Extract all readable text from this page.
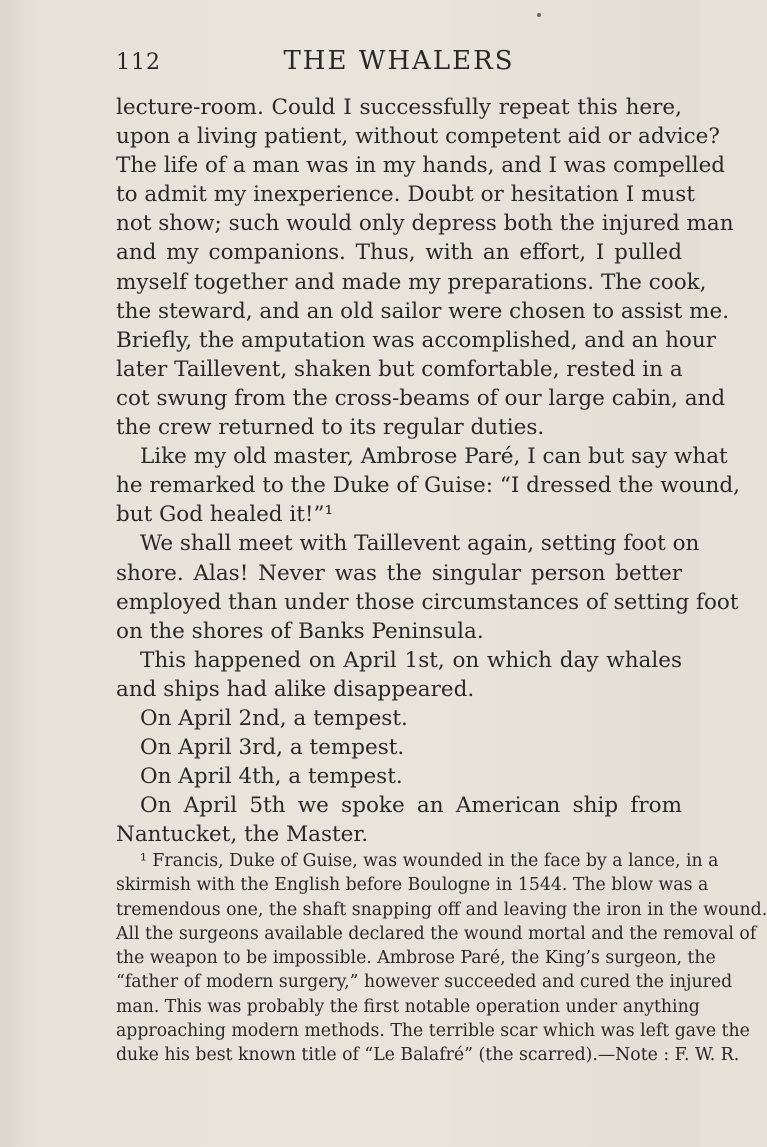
112	THE WHALERS
lecture-room. Could I successfully repeat this here,
upon a living patient, without competent aid or advice?
The life of a man was in my hands, and I was compelled
to admit my inexperience. Doubt or hesitation I must
not show; such would only depress both the injured man
and my companions. Thus, with an effort, I pulled
myself together and made my preparations. The cook,
the steward, and an old sailor were chosen to assist me.
Briefly, the amputation was accomplished, and an hour
later Taillevent, shaken but comfortable, rested in a
cot swung from the cross-beams of our large cabin, and
the crew returned to its regular duties.
Like my old master, Ambrose Paré, I can but say what
he remarked to the Duke of Guise: “I dressed the wound,
but God healed it!”¹
We shall meet with Taillevent again, setting foot on
shore. Alas! Never was the singular person better
employed than under those circumstances of setting foot
on the shores of Banks Peninsula.
This happened on April 1st, on which day whales
and ships had alike disappeared.
On April 2nd, a tempest.
On April 3rd, a tempest.
On April 4th, a tempest.
On April 5th we spoke an American ship from
Nantucket, the Master.
¹ Francis, Duke of Guise, was wounded in the face by a lance, in a
skirmish with the English before Boulogne in 1544. The blow was a
tremendous one, the shaft snapping off and leaving the iron in the wound.
All the surgeons available declared the wound mortal and the removal of
the weapon to be impossible. Ambrose Paré, the King’s surgeon, the
“father of modern surgery,” however succeeded and cured the injured
man. This was probably the first notable operation under anything
approaching modern methods. The terrible scar which was left gave the
duke his best known title of “Le Balafré” (the scarred).—Note : F. W. R.
